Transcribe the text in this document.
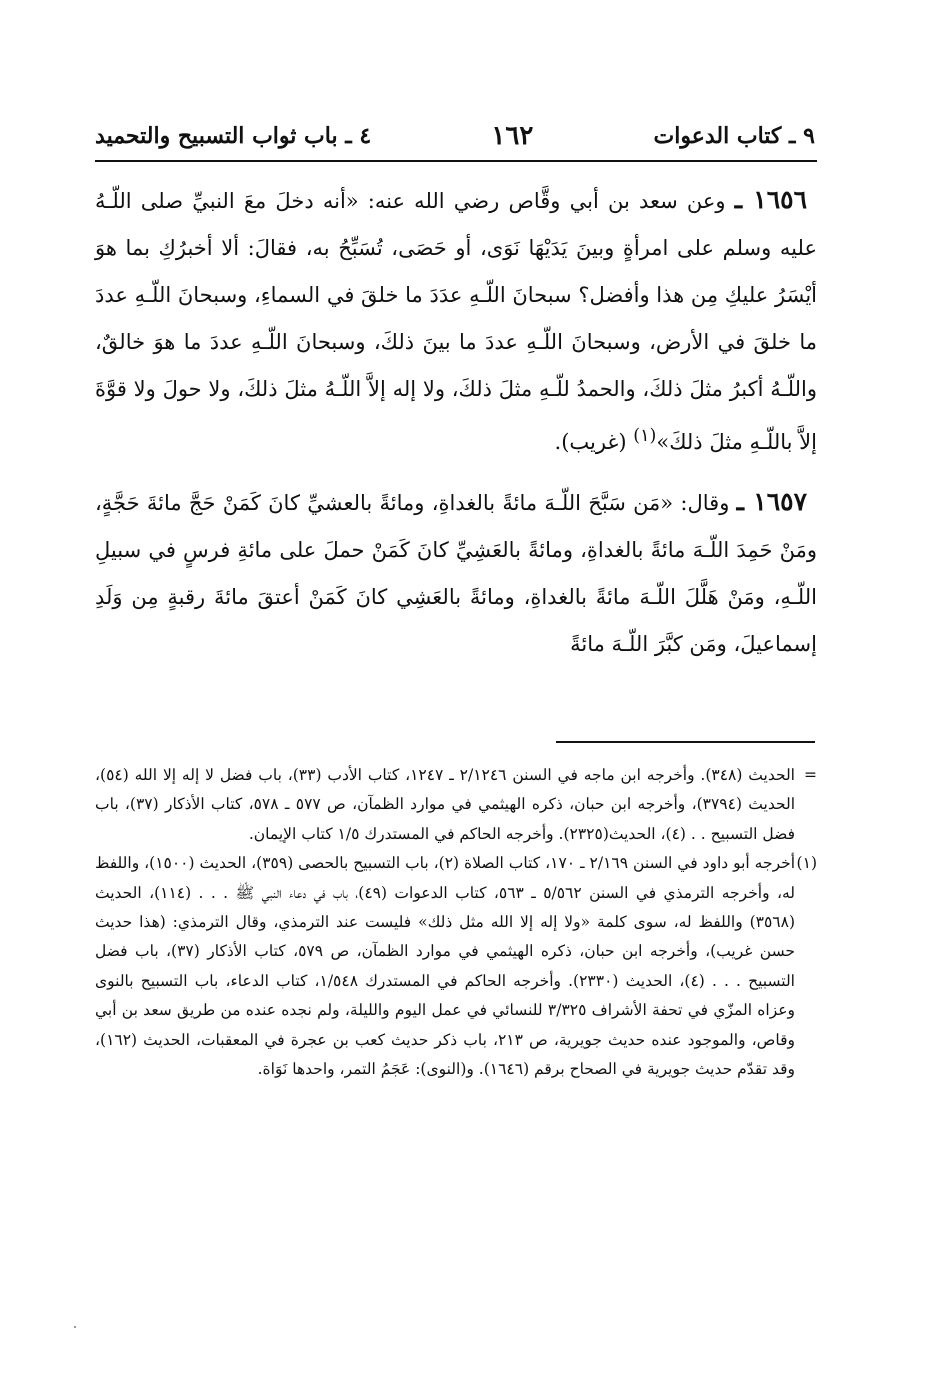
٩ ـ كتاب الدعوات
١٦٢
٤ ـ باب ثواب التسبيح والتحميد

١٦٥٦ ـ وعن سعد بن أبي وقَّاص رضي الله عنه: «أنه دخلَ معَ النبيِّ صلى اللّـهُ عليه وسلم على امرأةٍ وبينَ يَدَيْهَا نَوَى، أو حَصَى، تُسَبِّحُ به، فقالَ: ألا أخبرُكِ بما هوَ أيْسَرُ عليكِ مِن هذا وأفضل؟ سبحانَ اللّـهِ عدَدَ ما خلقَ في السماءِ، وسبحانَ اللّـهِ عددَ ما خلقَ في الأرض، وسبحانَ اللّـهِ عددَ ما بينَ ذلكَ، وسبحانَ اللّـهِ عددَ ما هوَ خالقٌ، واللّـهُ أكبرُ مثلَ ذلكَ، والحمدُ للّـهِ مثلَ ذلكَ، ولا إله إلاَّ اللّـهُ مثلَ ذلكَ، ولا حولَ ولا قوَّةَ إلاَّ باللّـهِ مثلَ ذلكَ»$^{(١)}$ (غريب).

١٦٥٧ ـ وقال: «مَن سَبَّحَ اللّـهَ مائةً بالغداةِ، ومائةً بالعشيِّ كانَ كَمَنْ حَجَّ مائةَ حَجَّةٍ، ومَنْ حَمِدَ اللّـهَ مائةً بالغداةِ، ومائةً بالعَشِيِّ كانَ كَمَنْ حملَ على مائةِ فرسٍ في سبيلِ اللّـهِ، ومَنْ هَلَّلَ اللّـهَ مائةً بالغداةِ، ومائةً بالعَشِي كانَ كَمَنْ أعتقَ مائةَ رقبةٍ مِن وَلَدِ إسماعيلَ، ومَن كبَّرَ اللّـهَ مائةً

=
الحديث (٣٤٨). وأخرجه ابن ماجه في السنن ٢/١٢٤٦ ـ ١٢٤٧، كتاب الأدب (٣٣)، باب فضل لا إله إلا الله (٥٤)، الحديث (٣٧٩٤)، وأخرجه ابن حبان، ذكره الهيثمي في موارد الظمآن، ص ٥٧٧ ـ ٥٧٨، كتاب الأذكار (٣٧)، باب فضل التسبيح . . (٤)، الحديث(٢٣٢٥). وأخرجه الحاكم في المستدرك ١/٥ كتاب الإيمان.
(١)
أخرجه أبو داود في السنن ٢/١٦٩ ـ ١٧٠، كتاب الصلاة (٢)، باب التسبيح بالحصى (٣٥٩)، الحديث (١٥٠٠)، واللفظ له، وأخرجه الترمذي في السنن ٥/٥٦٢ ـ ٥٦٣، كتاب الدعوات (٤٩)، باب في دعاء النبي ﷺ . . . (١١٤)، الحديث (٣٥٦٨) واللفظ له، سوى كلمة «ولا إله إلا الله مثل ذلك» فليست عند الترمذي، وقال الترمذي: (هذا حديث حسن غريب)، وأخرجه ابن حبان، ذكره الهيثمي في موارد الظمآن، ص ٥٧٩، كتاب الأذكار (٣٧)، باب فضل التسبيح . . . (٤)، الحديث (٢٣٣٠). وأخرجه الحاكم في المستدرك ١/٥٤٨، كتاب الدعاء، باب التسبيح بالنوى وعزاه المزّي في تحفة الأشراف ٣/٣٢٥ للنسائي في عمل اليوم والليلة، ولم نجده عنده من طريق سعد بن أبي وقاص، والموجود عنده حديث جويرية، ص ٢١٣، باب ذكر حديث كعب بن عجرة في المعقبات، الحديث (١٦٢)، وقد تقدّم حديث جويرية في الصحاح برقم (١٦٤٦). و(النوى): عَجَمُ التمر، واحدها نَوَاة.
